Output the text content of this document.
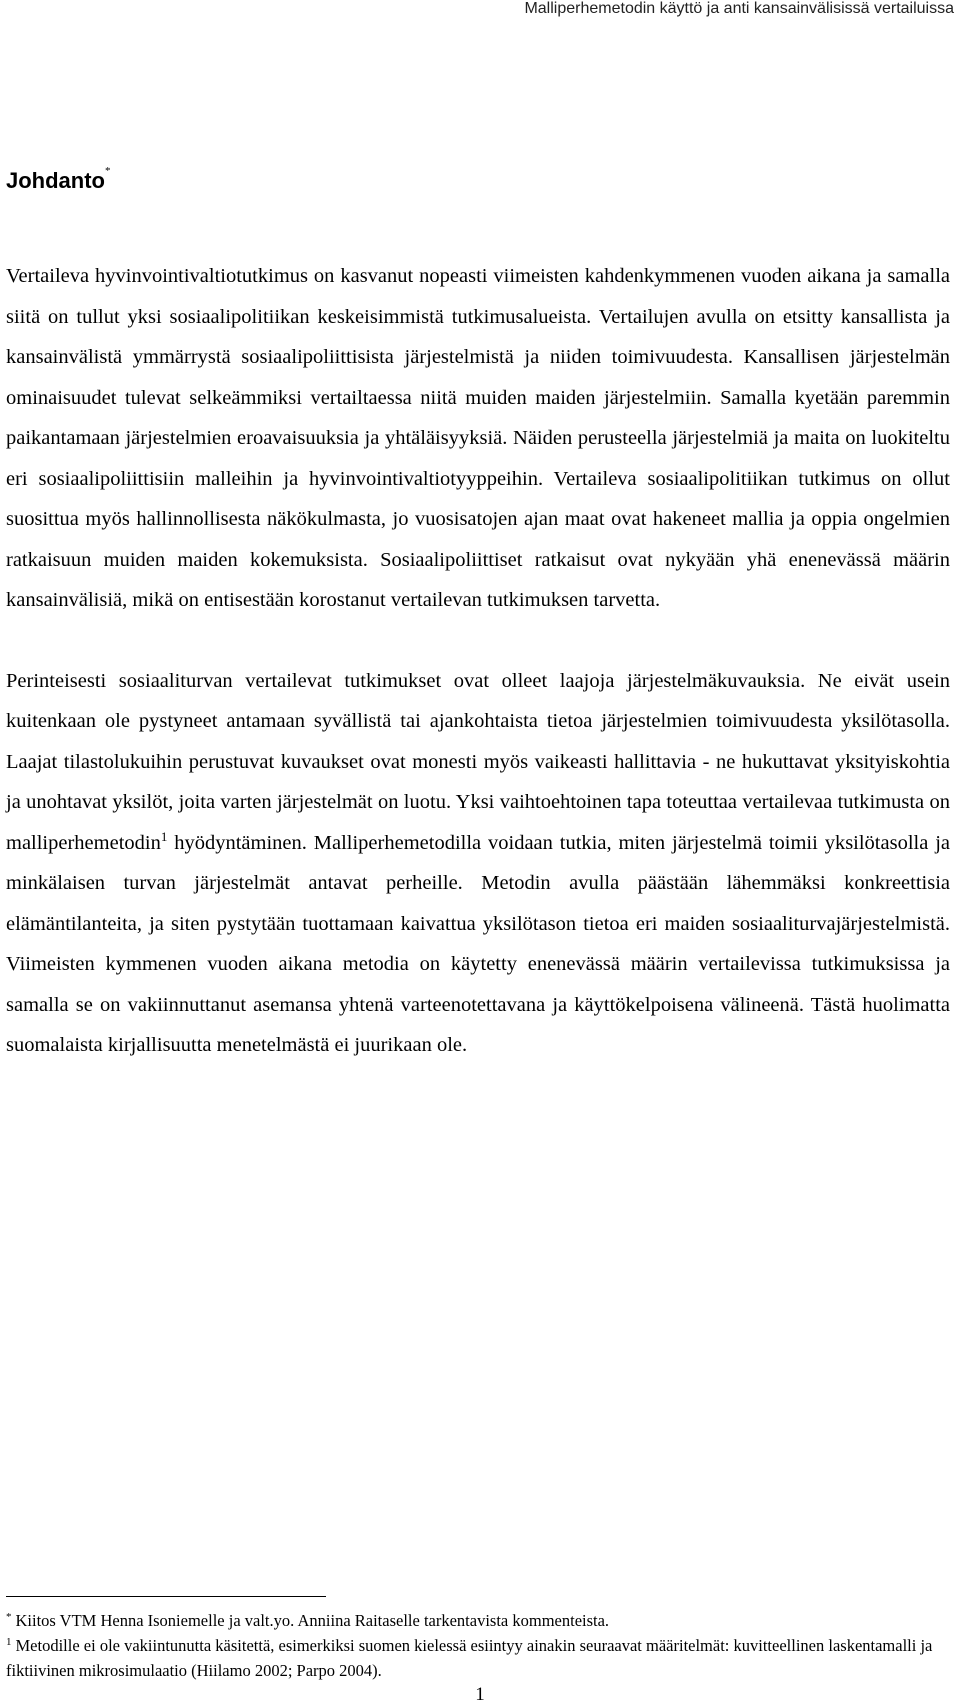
Malliperhemetodin käyttö ja anti kansainvälisissä vertailuissa
Johdanto*

Vertaileva hyvinvointivaltiotutkimus on kasvanut nopeasti viimeisten kahdenkymmenen vuoden aikana ja samalla siitä on tullut yksi sosiaalipolitiikan keskeisimmistä tutkimusalueista. Vertailujen avulla on etsitty kansallista ja kansainvälistä ymmärrystä sosiaalipoliittisista järjestelmistä ja niiden toimivuudesta. Kansallisen järjestelmän ominaisuudet tulevat selkeämmiksi vertailtaessa niitä muiden maiden järjestelmiin. Samalla kyetään paremmin paikantamaan järjestelmien eroavaisuuksia ja yhtäläisyyksiä. Näiden perusteella järjestelmiä ja maita on luokiteltu eri sosiaalipoliittisiin malleihin ja hyvinvointivaltiotyyppeihin. Vertaileva sosiaalipolitiikan tutkimus on ollut suosittua myös hallinnollisesta näkökulmasta, jo vuosisatojen ajan maat ovat hakeneet mallia ja oppia ongelmien ratkaisuun muiden maiden kokemuksista. Sosiaalipoliittiset ratkaisut ovat nykyään yhä enenevässä määrin kansainvälisiä, mikä on entisestään korostanut vertailevan tutkimuksen tarvetta.

Perinteisesti sosiaaliturvan vertailevat tutkimukset ovat olleet laajoja järjestelmäkuvauksia. Ne eivät usein kuitenkaan ole pystyneet antamaan syvällistä tai ajankohtaista tietoa järjestelmien toimivuudesta yksilötasolla. Laajat tilastolukuihin perustuvat kuvaukset ovat monesti myös vaikeasti hallittavia - ne hukuttavat yksityiskohtia ja unohtavat yksilöt, joita varten järjestelmät on luotu. Yksi vaihtoehtoinen tapa toteuttaa vertailevaa tutkimusta on malliperhemetodin$^1$ hyödyntäminen. Malliperhemetodilla voidaan tutkia, miten järjestelmä toimii yksilötasolla ja minkälaisen turvan järjestelmät antavat perheille. Metodin avulla päästään lähemmäksi konkreettisia elämäntilanteita, ja siten pystytään tuottamaan kaivattua yksilötason tietoa eri maiden sosiaaliturvajärjestelmistä. Viimeisten kymmenen vuoden aikana metodia on käytetty enenevässä määrin vertailevissa tutkimuksissa ja samalla se on vakiinnuttanut asemansa yhtenä varteenotettavana ja käyttökelpoisena välineenä. Tästä huolimatta suomalaista kirjallisuutta menetelmästä ei juurikaan ole.

* Kiitos VTM Henna Isoniemelle ja valt.yo. Anniina Raitaselle tarkentavista kommenteista.
$^1$ Metodille ei ole vakiintunutta käsitettä, esimerkiksi suomen kielessä esiintyy ainakin seuraavat määritelmät: kuvitteellinen laskentamalli ja fiktiivinen mikrosimulaatio (Hiilamo 2002; Parpo 2004).
1
